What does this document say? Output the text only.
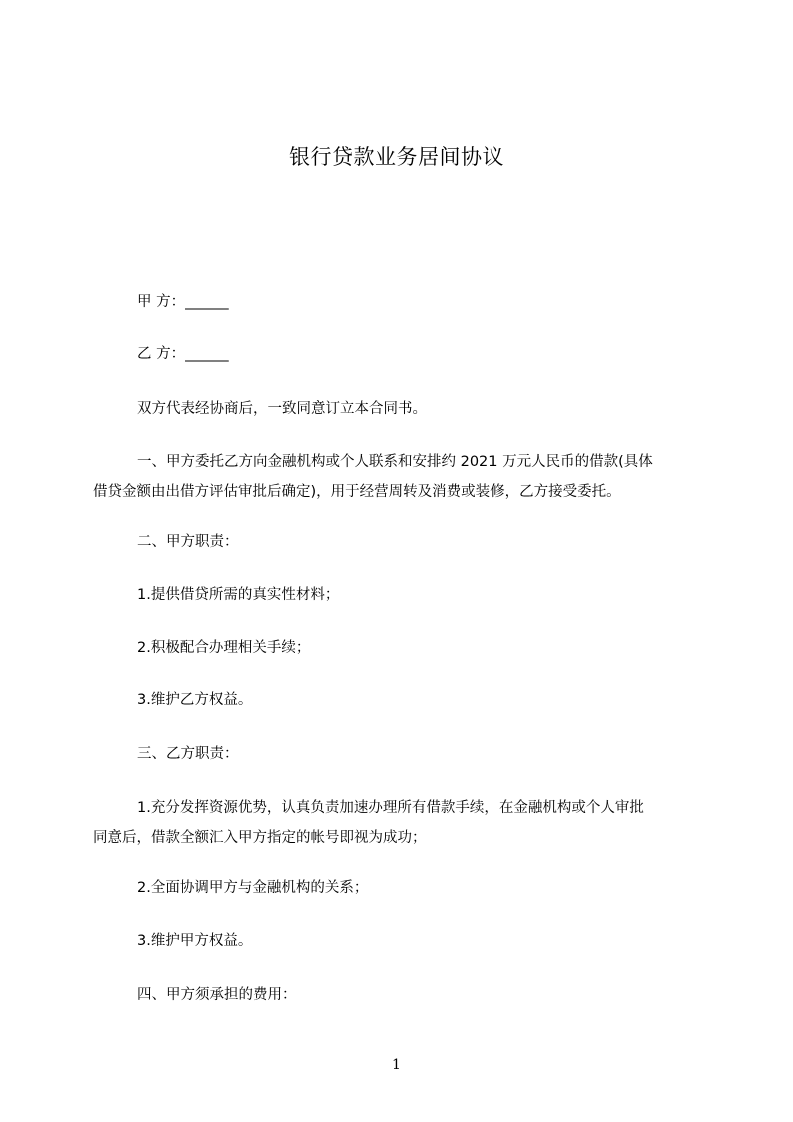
银行贷款业务居间协议
甲 方：______
乙 方：______
双方代表经协商后，一致同意订立本合同书。
一、甲方委托乙方向金融机构或个人联系和安排约 2021 万元人民币的借款(具体
借贷金额由出借方评估审批后确定)，用于经营周转及消费或装修，乙方接受委托。
二、甲方职责：
1.提供借贷所需的真实性材料；
2.积极配合办理相关手续；
3.维护乙方权益。
三、乙方职责：
1.充分发挥资源优势，认真负责加速办理所有借款手续，在金融机构或个人审批
同意后，借款全额汇入甲方指定的帐号即视为成功；
2.全面协调甲方与金融机构的关系；
3.维护甲方权益。
四、甲方须承担的费用：
1
